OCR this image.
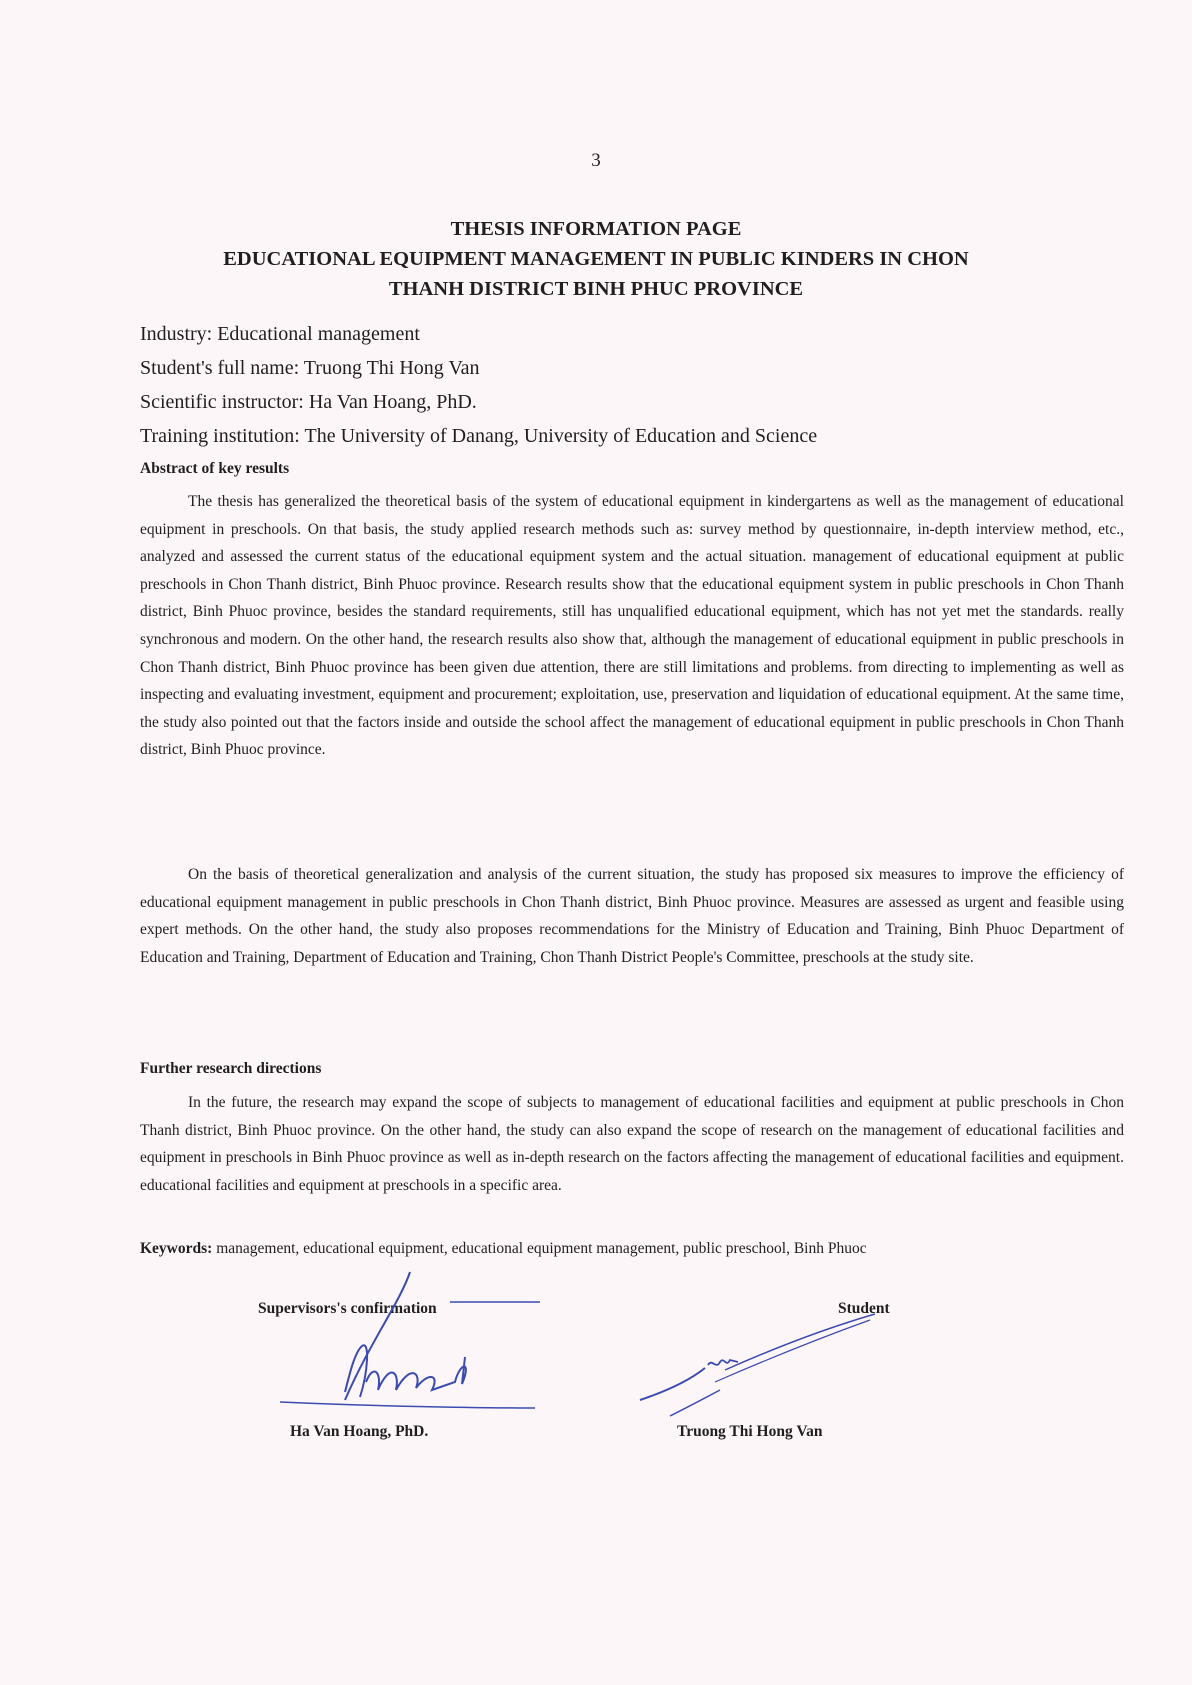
3
THESIS INFORMATION PAGE
EDUCATIONAL EQUIPMENT MANAGEMENT IN PUBLIC KINDERS IN CHON
THANH DISTRICT BINH PHUC PROVINCE
Industry: Educational management
Student's full name: Truong Thi Hong Van
Scientific instructor: Ha Van Hoang, PhD.
Training institution: The University of Danang, University of Education and Science
Abstract of key results

The thesis has generalized the theoretical basis of the system of educational equipment in kindergartens as well as the management of educational equipment in preschools. On that basis, the study applied research methods such as: survey method by questionnaire, in-depth interview method, etc., analyzed and assessed the current status of the educational equipment system and the actual situation. management of educational equipment at public preschools in Chon Thanh district, Binh Phuoc province. Research results show that the educational equipment system in public preschools in Chon Thanh district, Binh Phuoc province, besides the standard requirements, still has unqualified educational equipment, which has not yet met the standards. really synchronous and modern. On the other hand, the research results also show that, although the management of educational equipment in public preschools in Chon Thanh district, Binh Phuoc province has been given due attention, there are still limitations and problems. from directing to implementing as well as inspecting and evaluating investment, equipment and procurement; exploitation, use, preservation and liquidation of educational equipment. At the same time, the study also pointed out that the factors inside and outside the school affect the management of educational equipment in public preschools in Chon Thanh district, Binh Phuoc province.

On the basis of theoretical generalization and analysis of the current situation, the study has proposed six measures to improve the efficiency of educational equipment management in public preschools in Chon Thanh district, Binh Phuoc province. Measures are assessed as urgent and feasible using expert methods. On the other hand, the study also proposes recommendations for the Ministry of Education and Training, Binh Phuoc Department of Education and Training, Department of Education and Training, Chon Thanh District People's Committee, preschools at the study site.

Further research directions

In the future, the research may expand the scope of subjects to management of educational facilities and equipment at public preschools in Chon Thanh district, Binh Phuoc province. On the other hand, the study can also expand the scope of research on the management of educational facilities and equipment in preschools in Binh Phuoc province as well as in-depth research on the factors affecting the management of educational facilities and equipment. educational facilities and equipment at preschools in a specific area.

Keywords: management, educational equipment, educational equipment management, public preschool, Binh Phuoc

Supervisors's confirmation
Ha Van Hoang, PhD.
Student
Truong Thi Hong Van
